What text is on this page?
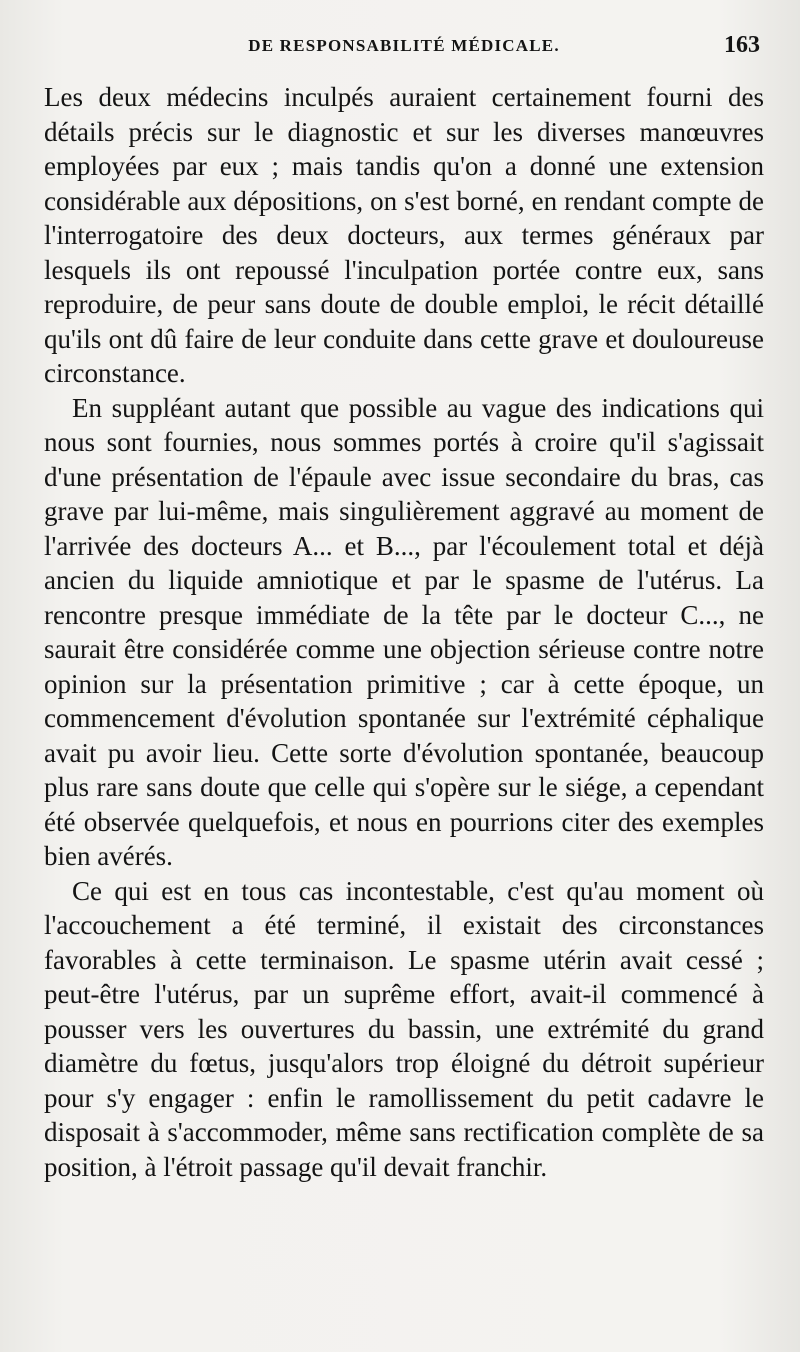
DE RESPONSABILITÉ MÉDICALE.	163

Les deux médecins inculpés auraient certainement fourni des détails précis sur le diagnostic et sur les diverses manœuvres employées par eux ; mais tandis qu'on a donné une extension considérable aux dépositions, on s'est borné, en rendant compte de l'interrogatoire des deux docteurs, aux termes généraux par lesquels ils ont repoussé l'inculpation portée contre eux, sans reproduire, de peur sans doute de double emploi, le récit détaillé qu'ils ont dû faire de leur conduite dans cette grave et douloureuse circonstance.

En suppléant autant que possible au vague des indications qui nous sont fournies, nous sommes portés à croire qu'il s'agissait d'une présentation de l'épaule avec issue secondaire du bras, cas grave par lui-même, mais singulièrement aggravé au moment de l'arrivée des docteurs A... et B..., par l'écoulement total et déjà ancien du liquide amniotique et par le spasme de l'utérus. La rencontre presque immédiate de la tête par le docteur C..., ne saurait être considérée comme une objection sérieuse contre notre opinion sur la présentation primitive ; car à cette époque, un commencement d'évolution spontanée sur l'extrémité céphalique avait pu avoir lieu. Cette sorte d'évolution spontanée, beaucoup plus rare sans doute que celle qui s'opère sur le siége, a cependant été observée quelquefois, et nous en pourrions citer des exemples bien avérés.

Ce qui est en tous cas incontestable, c'est qu'au moment où l'accouchement a été terminé, il existait des circonstances favorables à cette terminaison. Le spasme utérin avait cessé ; peut-être l'utérus, par un suprême effort, avait-il commencé à pousser vers les ouvertures du bassin, une extrémité du grand diamètre du fœtus, jusqu'alors trop éloigné du détroit supérieur pour s'y engager : enfin le ramollissement du petit cadavre le disposait à s'accommoder, même sans rectification complète de sa position, à l'étroit passage qu'il devait franchir.
